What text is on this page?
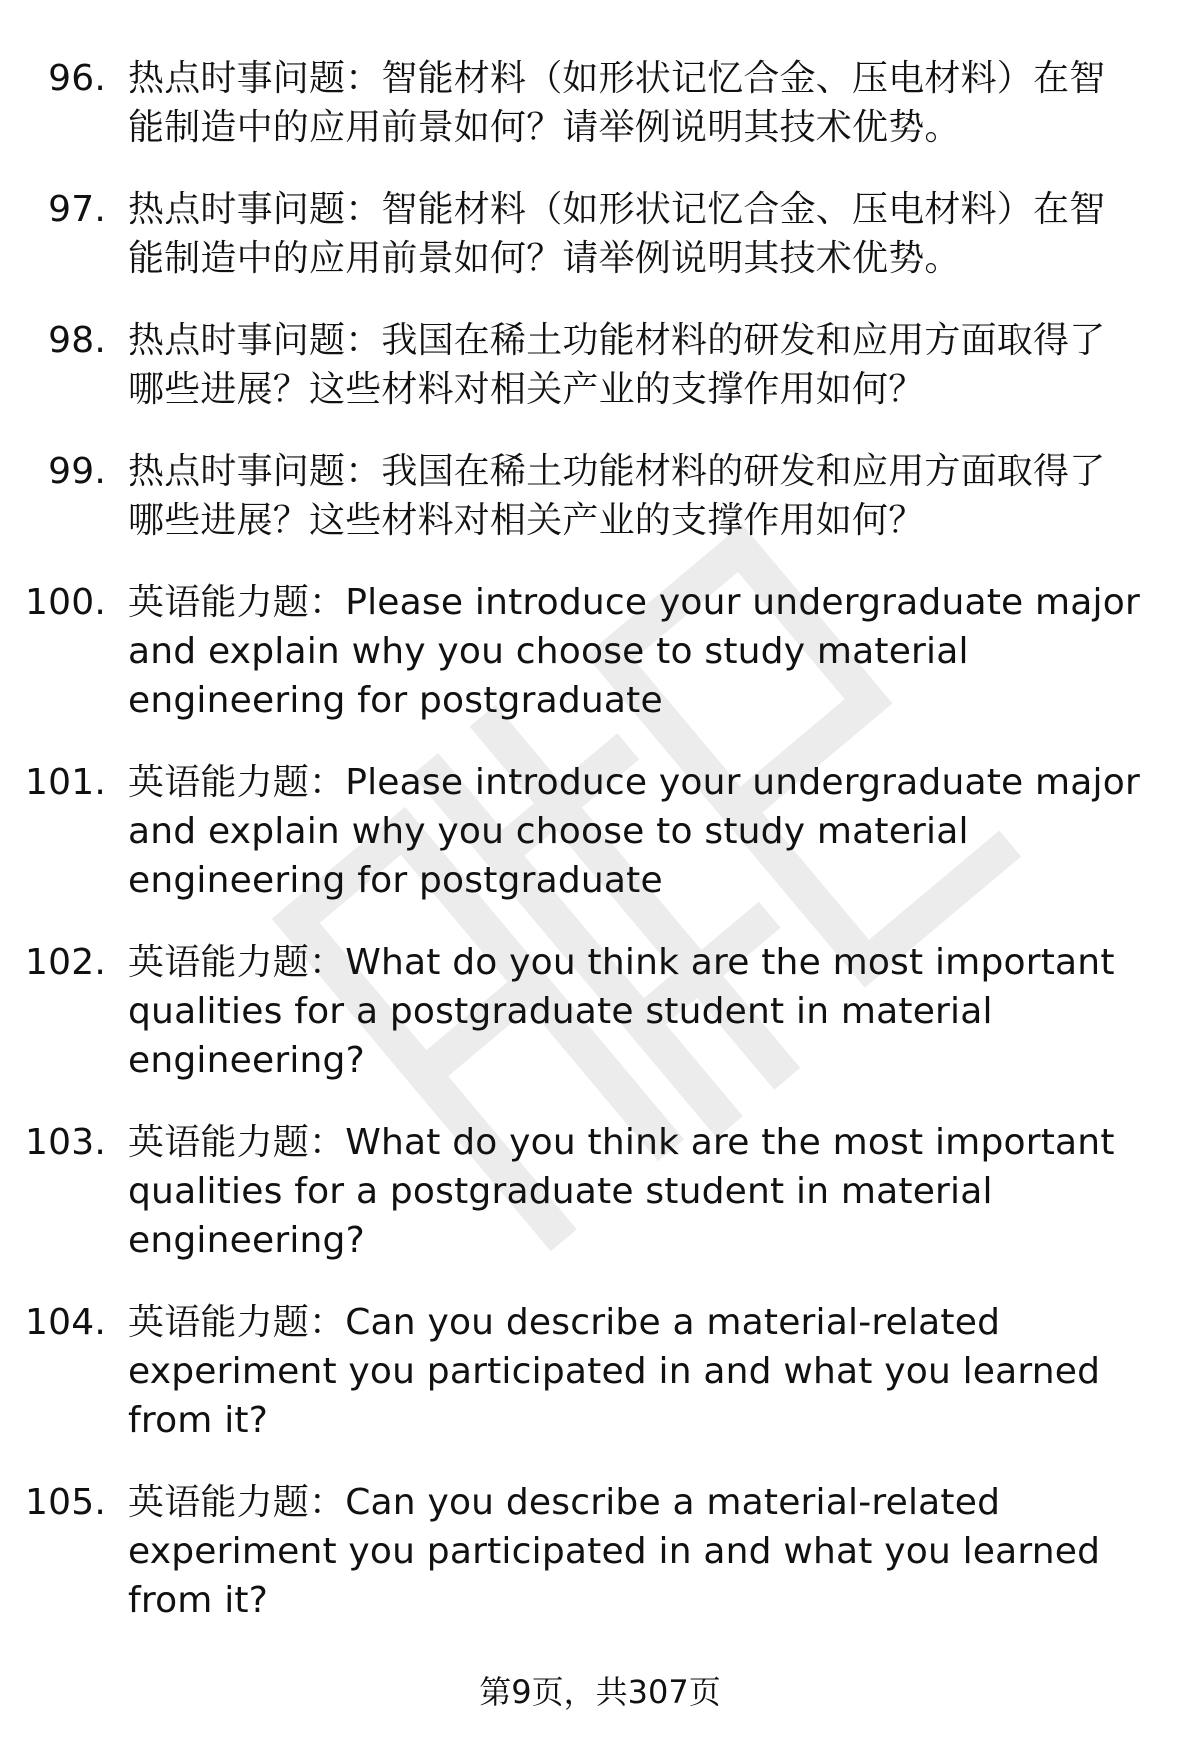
96. 热点时事问题：智能材料（如形状记忆合金、压电材料）在智能制造中的应用前景如何？请举例说明其技术优势。
97. 热点时事问题：智能材料（如形状记忆合金、压电材料）在智能制造中的应用前景如何？请举例说明其技术优势。
98. 热点时事问题：我国在稀土功能材料的研发和应用方面取得了哪些进展？这些材料对相关产业的支撑作用如何？
99. 热点时事问题：我国在稀土功能材料的研发和应用方面取得了哪些进展？这些材料对相关产业的支撑作用如何？
100. 英语能力题：Please introduce your undergraduate major and explain why you choose to study material engineering for postgraduate
101. 英语能力题：Please introduce your undergraduate major and explain why you choose to study material engineering for postgraduate
102. 英语能力题：What do you think are the most important qualities for a postgraduate student in material engineering?
103. 英语能力题：What do you think are the most important qualities for a postgraduate student in material engineering?
104. 英语能力题：Can you describe a material-related experiment you participated in and what you learned from it?
105. 英语能力题：Can you describe a material-related experiment you participated in and what you learned from it?
第9页，共307页
